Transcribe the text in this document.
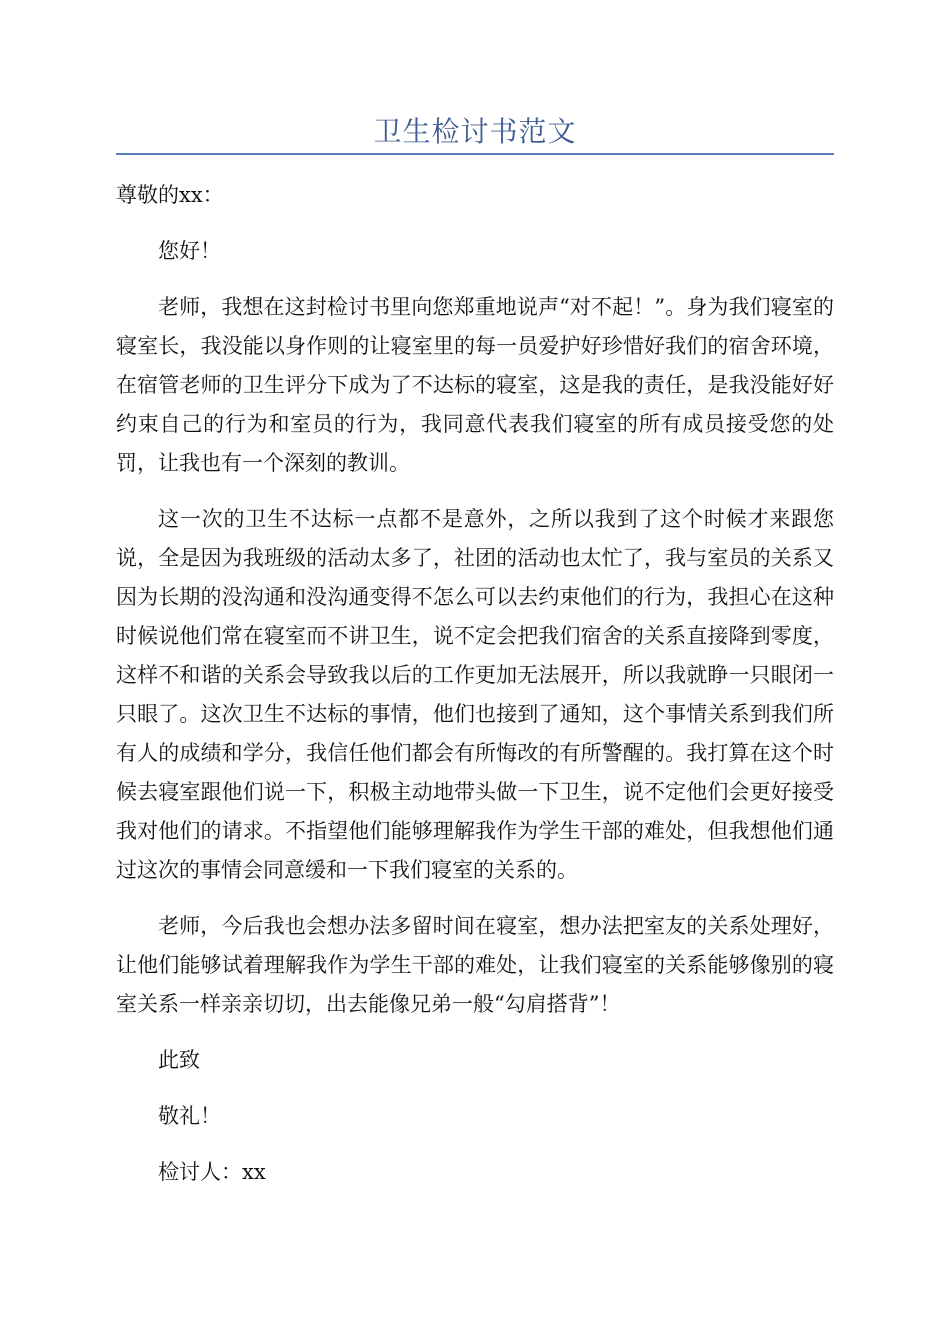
卫生检讨书范文

尊敬的xx：

您好！

老师，我想在这封检讨书里向您郑重地说声“对不起！”。身为我们寝室的寝室长，我没能以身作则的让寝室里的每一员爱护好珍惜好我们的宿舍环境，在宿管老师的卫生评分下成为了不达标的寝室，这是我的责任，是我没能好好约束自己的行为和室员的行为，我同意代表我们寝室的所有成员接受您的处罚，让我也有一个深刻的教训。

这一次的卫生不达标一点都不是意外，之所以我到了这个时候才来跟您说，全是因为我班级的活动太多了，社团的活动也太忙了，我与室员的关系又因为长期的没沟通和没沟通变得不怎么可以去约束他们的行为，我担心在这种时候说他们常在寝室而不讲卫生，说不定会把我们宿舍的关系直接降到零度，这样不和谐的关系会导致我以后的工作更加无法展开，所以我就睁一只眼闭一只眼了。这次卫生不达标的事情，他们也接到了通知，这个事情关系到我们所有人的成绩和学分，我信任他们都会有所悔改的有所警醒的。我打算在这个时候去寝室跟他们说一下，积极主动地带头做一下卫生，说不定他们会更好接受我对他们的请求。不指望他们能够理解我作为学生干部的难处，但我想他们通过这次的事情会同意缓和一下我们寝室的关系的。

老师，今后我也会想办法多留时间在寝室，想办法把室友的关系处理好，让他们能够试着理解我作为学生干部的难处，让我们寝室的关系能够像别的寝室关系一样亲亲切切，出去能像兄弟一般“勾肩搭背”！

此致

敬礼！

检讨人：xx
